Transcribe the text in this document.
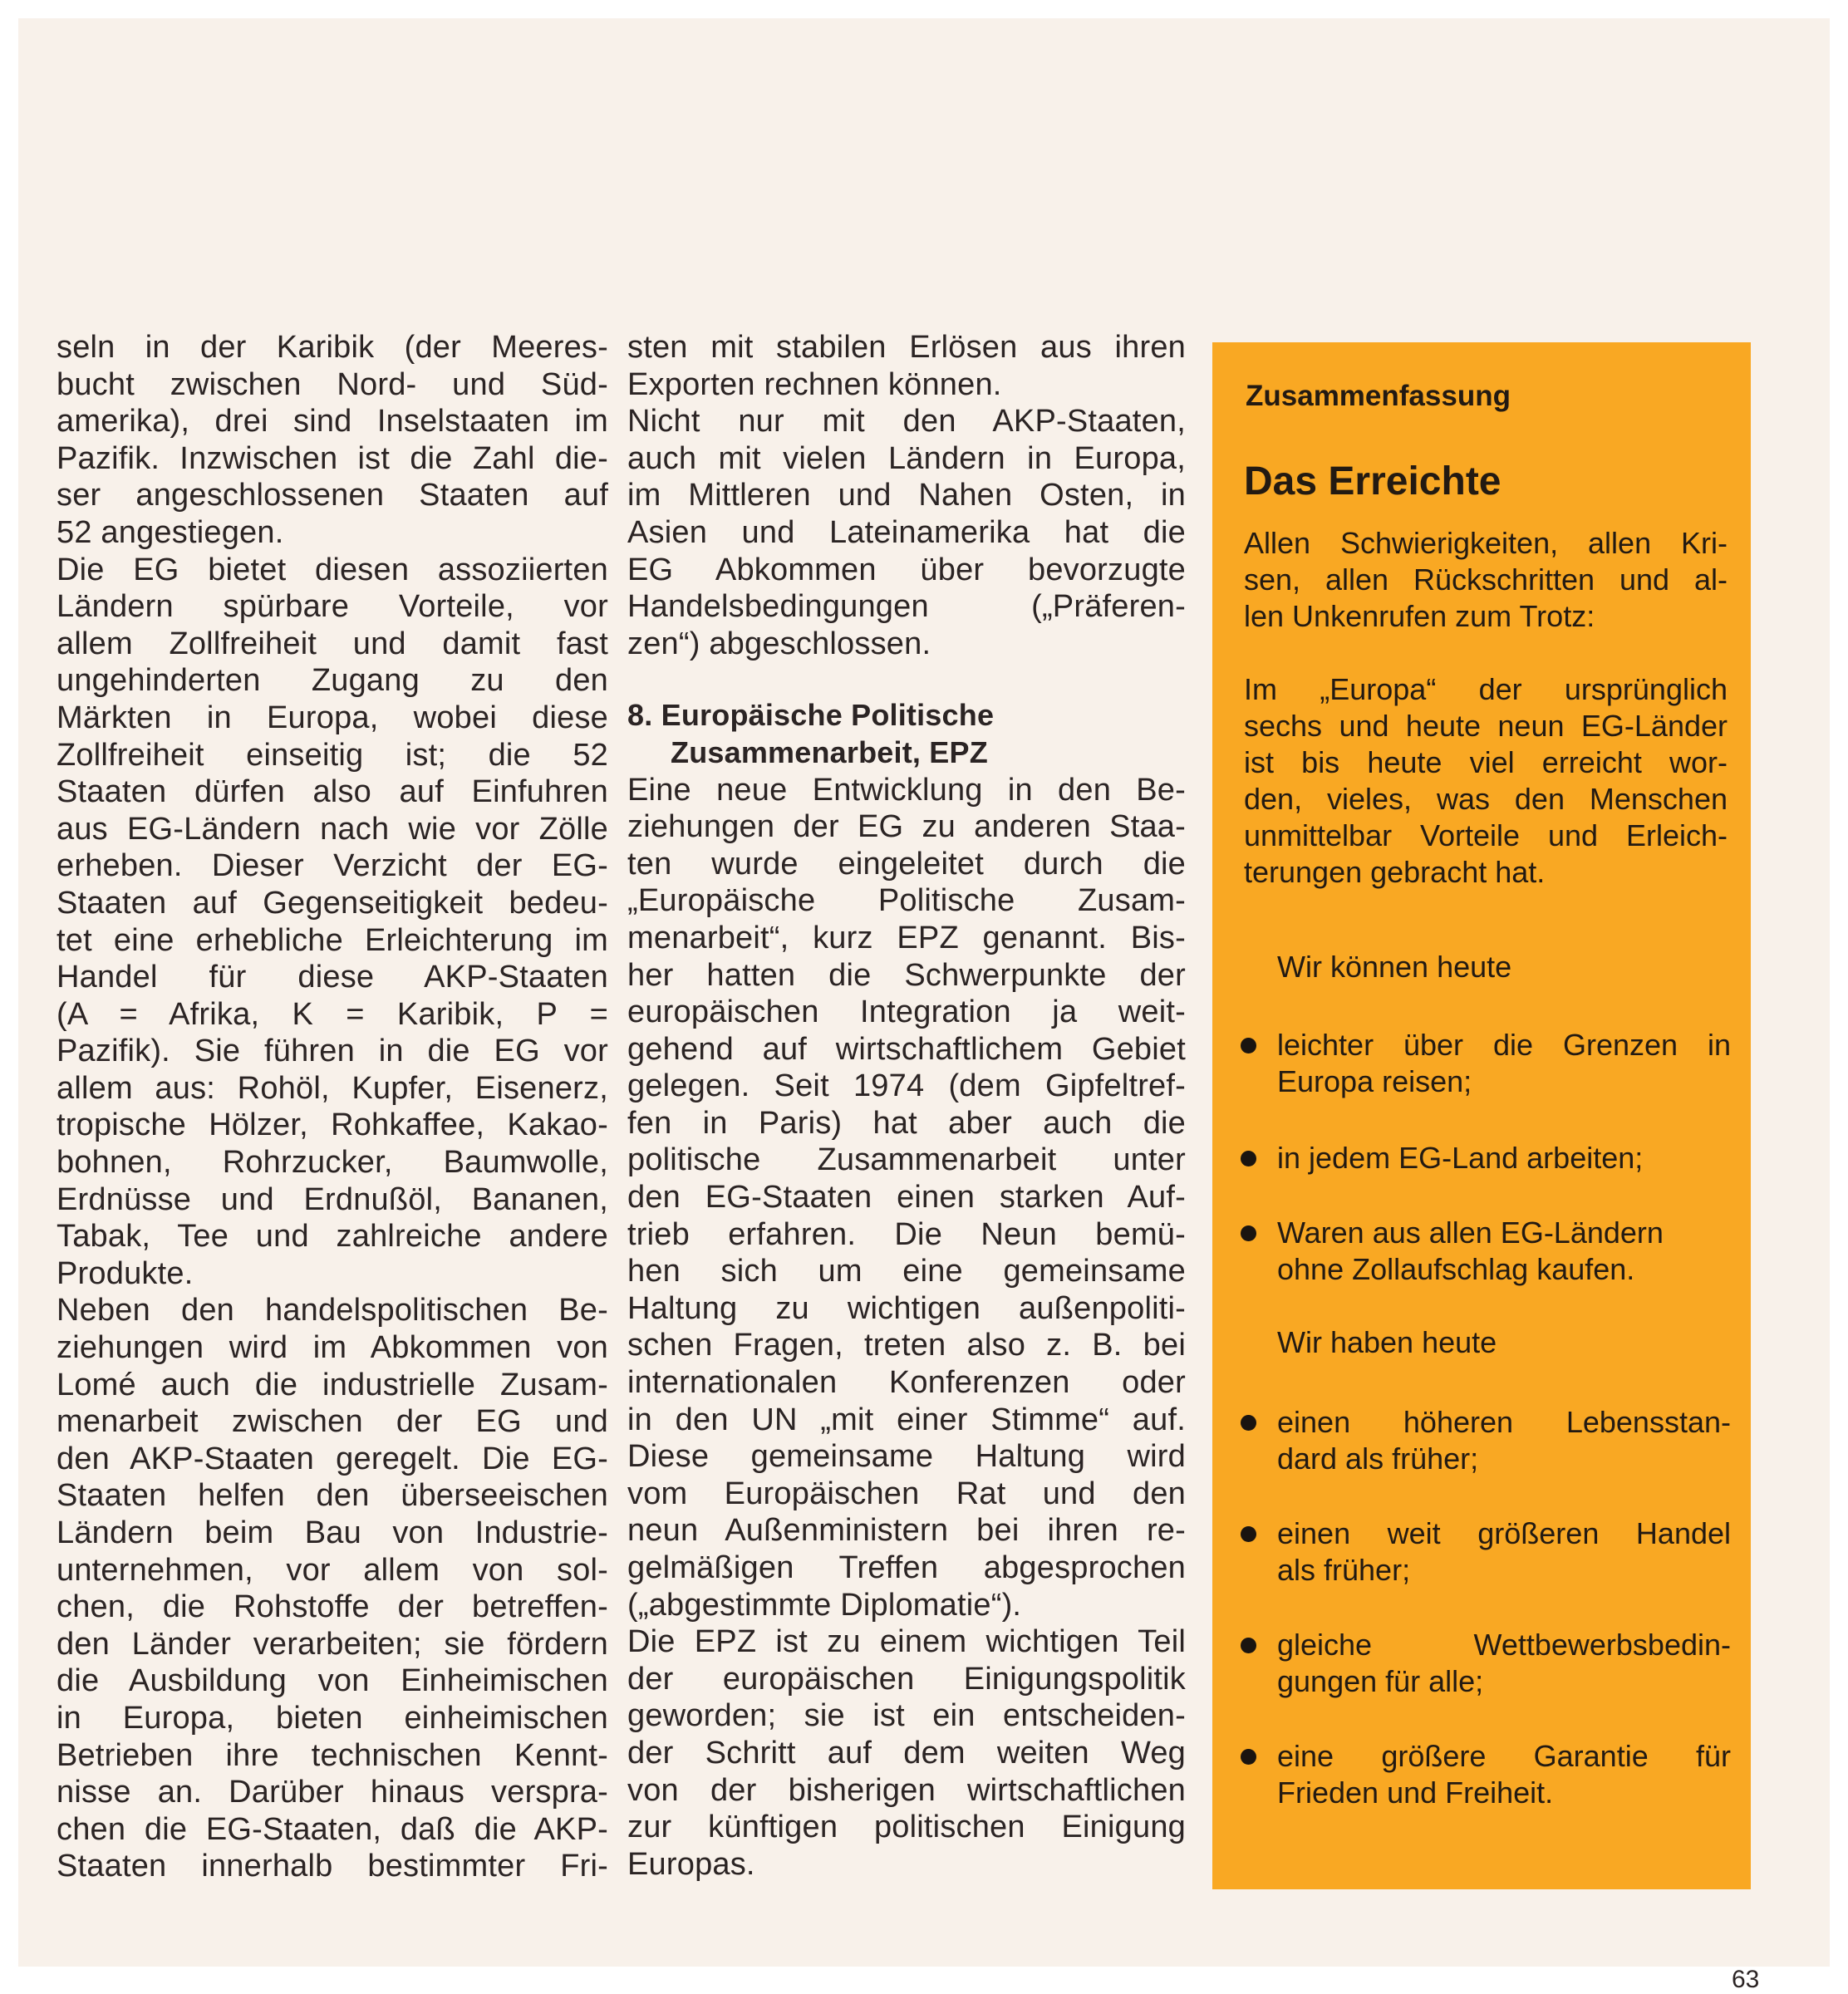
seln in der Karibik (der Meeres-
bucht zwischen Nord- und Süd-
amerika), drei sind Inselstaaten im
Pazifik. Inzwischen ist die Zahl die-
ser angeschlossenen Staaten auf
52 angestiegen.
Die EG bietet diesen assoziierten
Ländern spürbare Vorteile, vor
allem Zollfreiheit und damit fast
ungehinderten Zugang zu den
Märkten in Europa, wobei diese
Zollfreiheit einseitig ist; die 52
Staaten dürfen also auf Einfuhren
aus EG-Ländern nach wie vor Zölle
erheben. Dieser Verzicht der EG-
Staaten auf Gegenseitigkeit bedeu-
tet eine erhebliche Erleichterung im
Handel für diese AKP-Staaten
(A = Afrika, K = Karibik, P =
Pazifik). Sie führen in die EG vor
allem aus: Rohöl, Kupfer, Eisenerz,
tropische Hölzer, Rohkaffee, Kakao-
bohnen, Rohrzucker, Baumwolle,
Erdnüsse und Erdnußöl, Bananen,
Tabak, Tee und zahlreiche andere
Produkte.
Neben den handelspolitischen Be-
ziehungen wird im Abkommen von
Lomé auch die industrielle Zusam-
menarbeit zwischen der EG und
den AKP-Staaten geregelt. Die EG-
Staaten helfen den überseeischen
Ländern beim Bau von Industrie-
unternehmen, vor allem von sol-
chen, die Rohstoffe der betreffen-
den Länder verarbeiten; sie fördern
die Ausbildung von Einheimischen
in Europa, bieten einheimischen
Betrieben ihre technischen Kennt-
nisse an. Darüber hinaus verspra-
chen die EG-Staaten, daß die AKP-
Staaten innerhalb bestimmter Fri-
sten mit stabilen Erlösen aus ihren
Exporten rechnen können.
Nicht nur mit den AKP-Staaten,
auch mit vielen Ländern in Europa,
im Mittleren und Nahen Osten, in
Asien und Lateinamerika hat die
EG Abkommen über bevorzugte
Handelsbedingungen („Präferen-
zen“) abgeschlossen.
8. Europäische Politische
Zusammenarbeit, EPZ
Eine neue Entwicklung in den Be-
ziehungen der EG zu anderen Staa-
ten wurde eingeleitet durch die
„Europäische Politische Zusam-
menarbeit“, kurz EPZ genannt. Bis-
her hatten die Schwerpunkte der
europäischen Integration ja weit-
gehend auf wirtschaftlichem Gebiet
gelegen. Seit 1974 (dem Gipfeltref-
fen in Paris) hat aber auch die
politische Zusammenarbeit unter
den EG-Staaten einen starken Auf-
trieb erfahren. Die Neun bemü-
hen sich um eine gemeinsame
Haltung zu wichtigen außenpoliti-
schen Fragen, treten also z. B. bei
internationalen Konferenzen oder
in den UN „mit einer Stimme“ auf.
Diese gemeinsame Haltung wird
vom Europäischen Rat und den
neun Außenministern bei ihren re-
gelmäßigen Treffen abgesprochen
(„abgestimmte Diplomatie“).
Die EPZ ist zu einem wichtigen Teil
der europäischen Einigungspolitik
geworden; sie ist ein entscheiden-
der Schritt auf dem weiten Weg
von der bisherigen wirtschaftlichen
zur künftigen politischen Einigung
Europas.
Zusammenfassung
Das Erreichte
Allen Schwierigkeiten, allen Kri-
sen, allen Rückschritten und al-
len Unkenrufen zum Trotz:
Im „Europa“ der ursprünglich
sechs und heute neun EG-Länder
ist bis heute viel erreicht wor-
den, vieles, was den Menschen
unmittelbar Vorteile und Erleich-
terungen gebracht hat.
Wir können heute
leichter über die Grenzen in
Europa reisen;
in jedem EG-Land arbeiten;
Waren aus allen EG-Ländern
ohne Zollaufschlag kaufen.
Wir haben heute
einen höheren Lebensstan-
dard als früher;
einen weit größeren Handel
als früher;
gleiche Wettbewerbsbedin-
gungen für alle;
eine größere Garantie für
Frieden und Freiheit.
63
